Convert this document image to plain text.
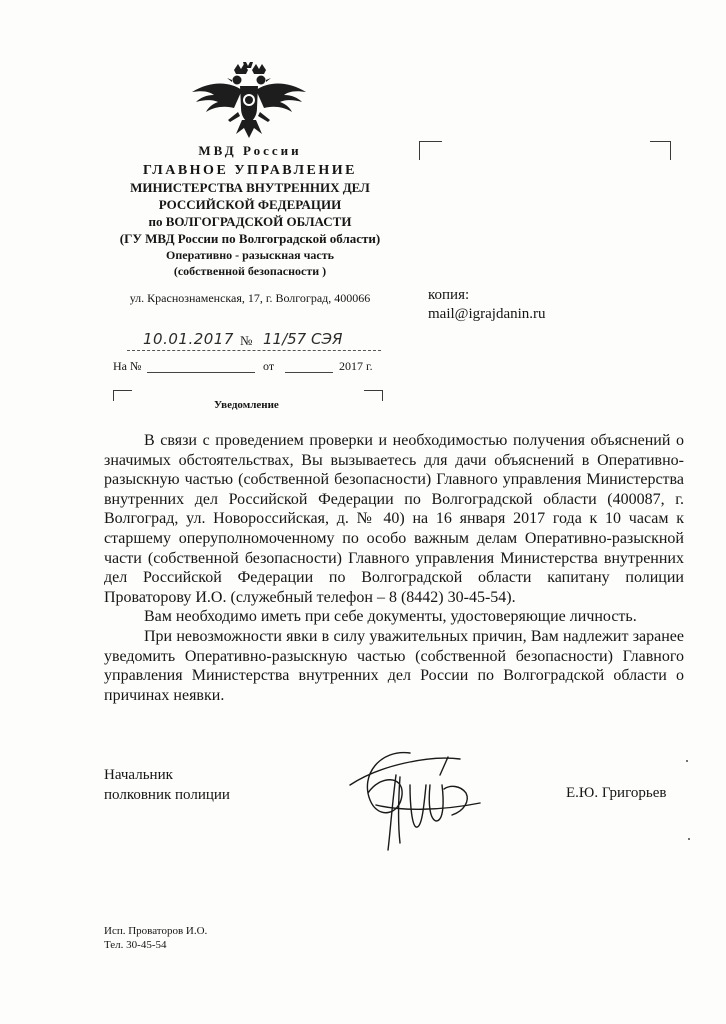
МВД России
ГЛАВНОЕ УПРАВЛЕНИЕ
МИНИСТЕРСТВА ВНУТРЕННИХ ДЕЛ
РОССИЙСКОЙ ФЕДЕРАЦИИ
по ВОЛГОГРАДСКОЙ ОБЛАСТИ
(ГУ МВД России по Волгоградской области)
Оперативно - разыскная часть
(собственной безопасности )
ул. Краснознаменская, 17, г. Волгоград, 400066	копия:
mail@igrajdanin.ru
10.01.2017 № 11/57 СЭЯ
На №	от	2017 г.
Уведомление

В связи с проведением проверки и необходимостью получения объяснений о значимых обстоятельствах, Вы вызываетесь для дачи объяснений в Оперативно-разыскную частью (собственной безопасности) Главного управления Министерства внутренних дел Российской Федерации по Волгоградской области (400087, г. Волгоград, ул. Новороссийская, д. № 40) на 16 января 2017 года к 10 часам к старшему оперуполномоченному по особо важным делам Оперативно-разыскной части (собственной безопасности) Главного управления Министерства внутренних дел Российской Федерации по Волгоградской области капитану полиции Проваторову И.О. (служебный телефон – 8 (8442) 30-45-54).

Вам необходимо иметь при себе документы, удостоверяющие личность.

При невозможности явки в силу уважительных причин, Вам надлежит заранее уведомить Оперативно-разыскную частью (собственной безопасности) Главного управления Министерства внутренних дел России по Волгоградской области о причинах неявки.

Начальник
полковник полиции	Е.Ю. Григорьев
Исп. Проваторов И.О.
Тел. 30-45-54
